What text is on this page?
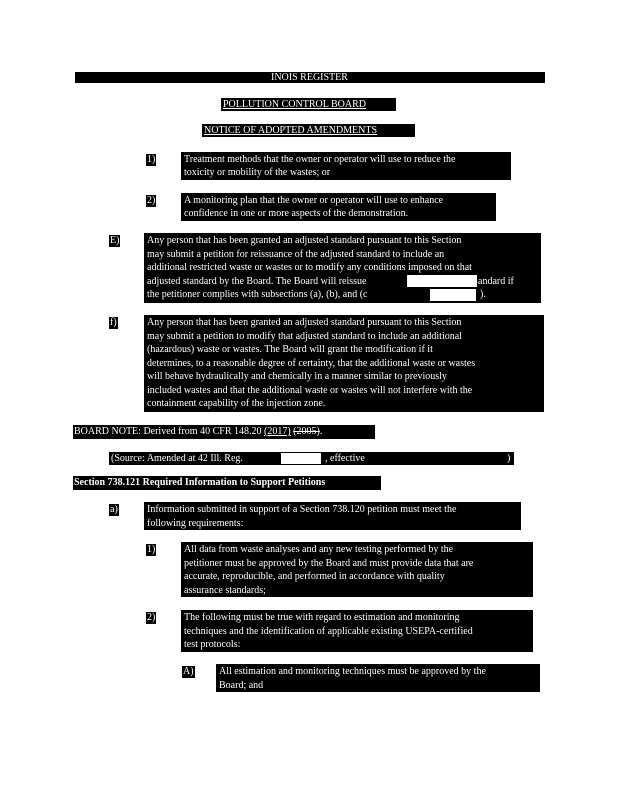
INOIS REGISTER
POLLUTION CONTROL BOARD
NOTICE OF ADOPTED AMENDMENTS
1)	Treatment methods that the owner or operator will use to reduce the
toxicity or mobility of the wastes; or
2)	A monitoring plan that the owner or operator will use to enhance
confidence in one or more aspects of the demonstration.
E)	Any person that has been granted an adjusted standard pursuant to this Section
may submit a petition for reissuance of the adjusted standard to include an
additional restricted waste or wastes or to modify any conditions imposed on that
adjusted standard by the Board. The Board will reissue	andard if
the petitioner complies with subsections (a), (b), and (c	).
f)	Any person that has been granted an adjusted standard pursuant to this Section
may submit a petition to modify that adjusted standard to include an additional
(hazardous) waste or wastes. The Board will grant the modification if it
determines, to a reasonable degree of certainty, that the additional waste or wastes
will behave hydraulically and chemically in a manner similar to previously
included wastes and that the additional waste or wastes will not interfere with the
containment capability of the injection zone.
BOARD NOTE: Derived from 40 CFR 148.20 (2017) (2005).
(Source: Amended at 42 Ill. Reg.	, effective	)
Section 738.121 Required Information to Support Petitions
a)	Information submitted in support of a Section 738.120 petition must meet the
following requirements:
1)	All data from waste analyses and any new testing performed by the
petitioner must be approved by the Board and must provide data that are
accurate, reproducible, and performed in accordance with quality
assurance standards;
2)	The following must be true with regard to estimation and monitoring
techniques and the identification of applicable existing USEPA-certified
test protocols:
A)	All estimation and monitoring techniques must be approved by the
Board; and
